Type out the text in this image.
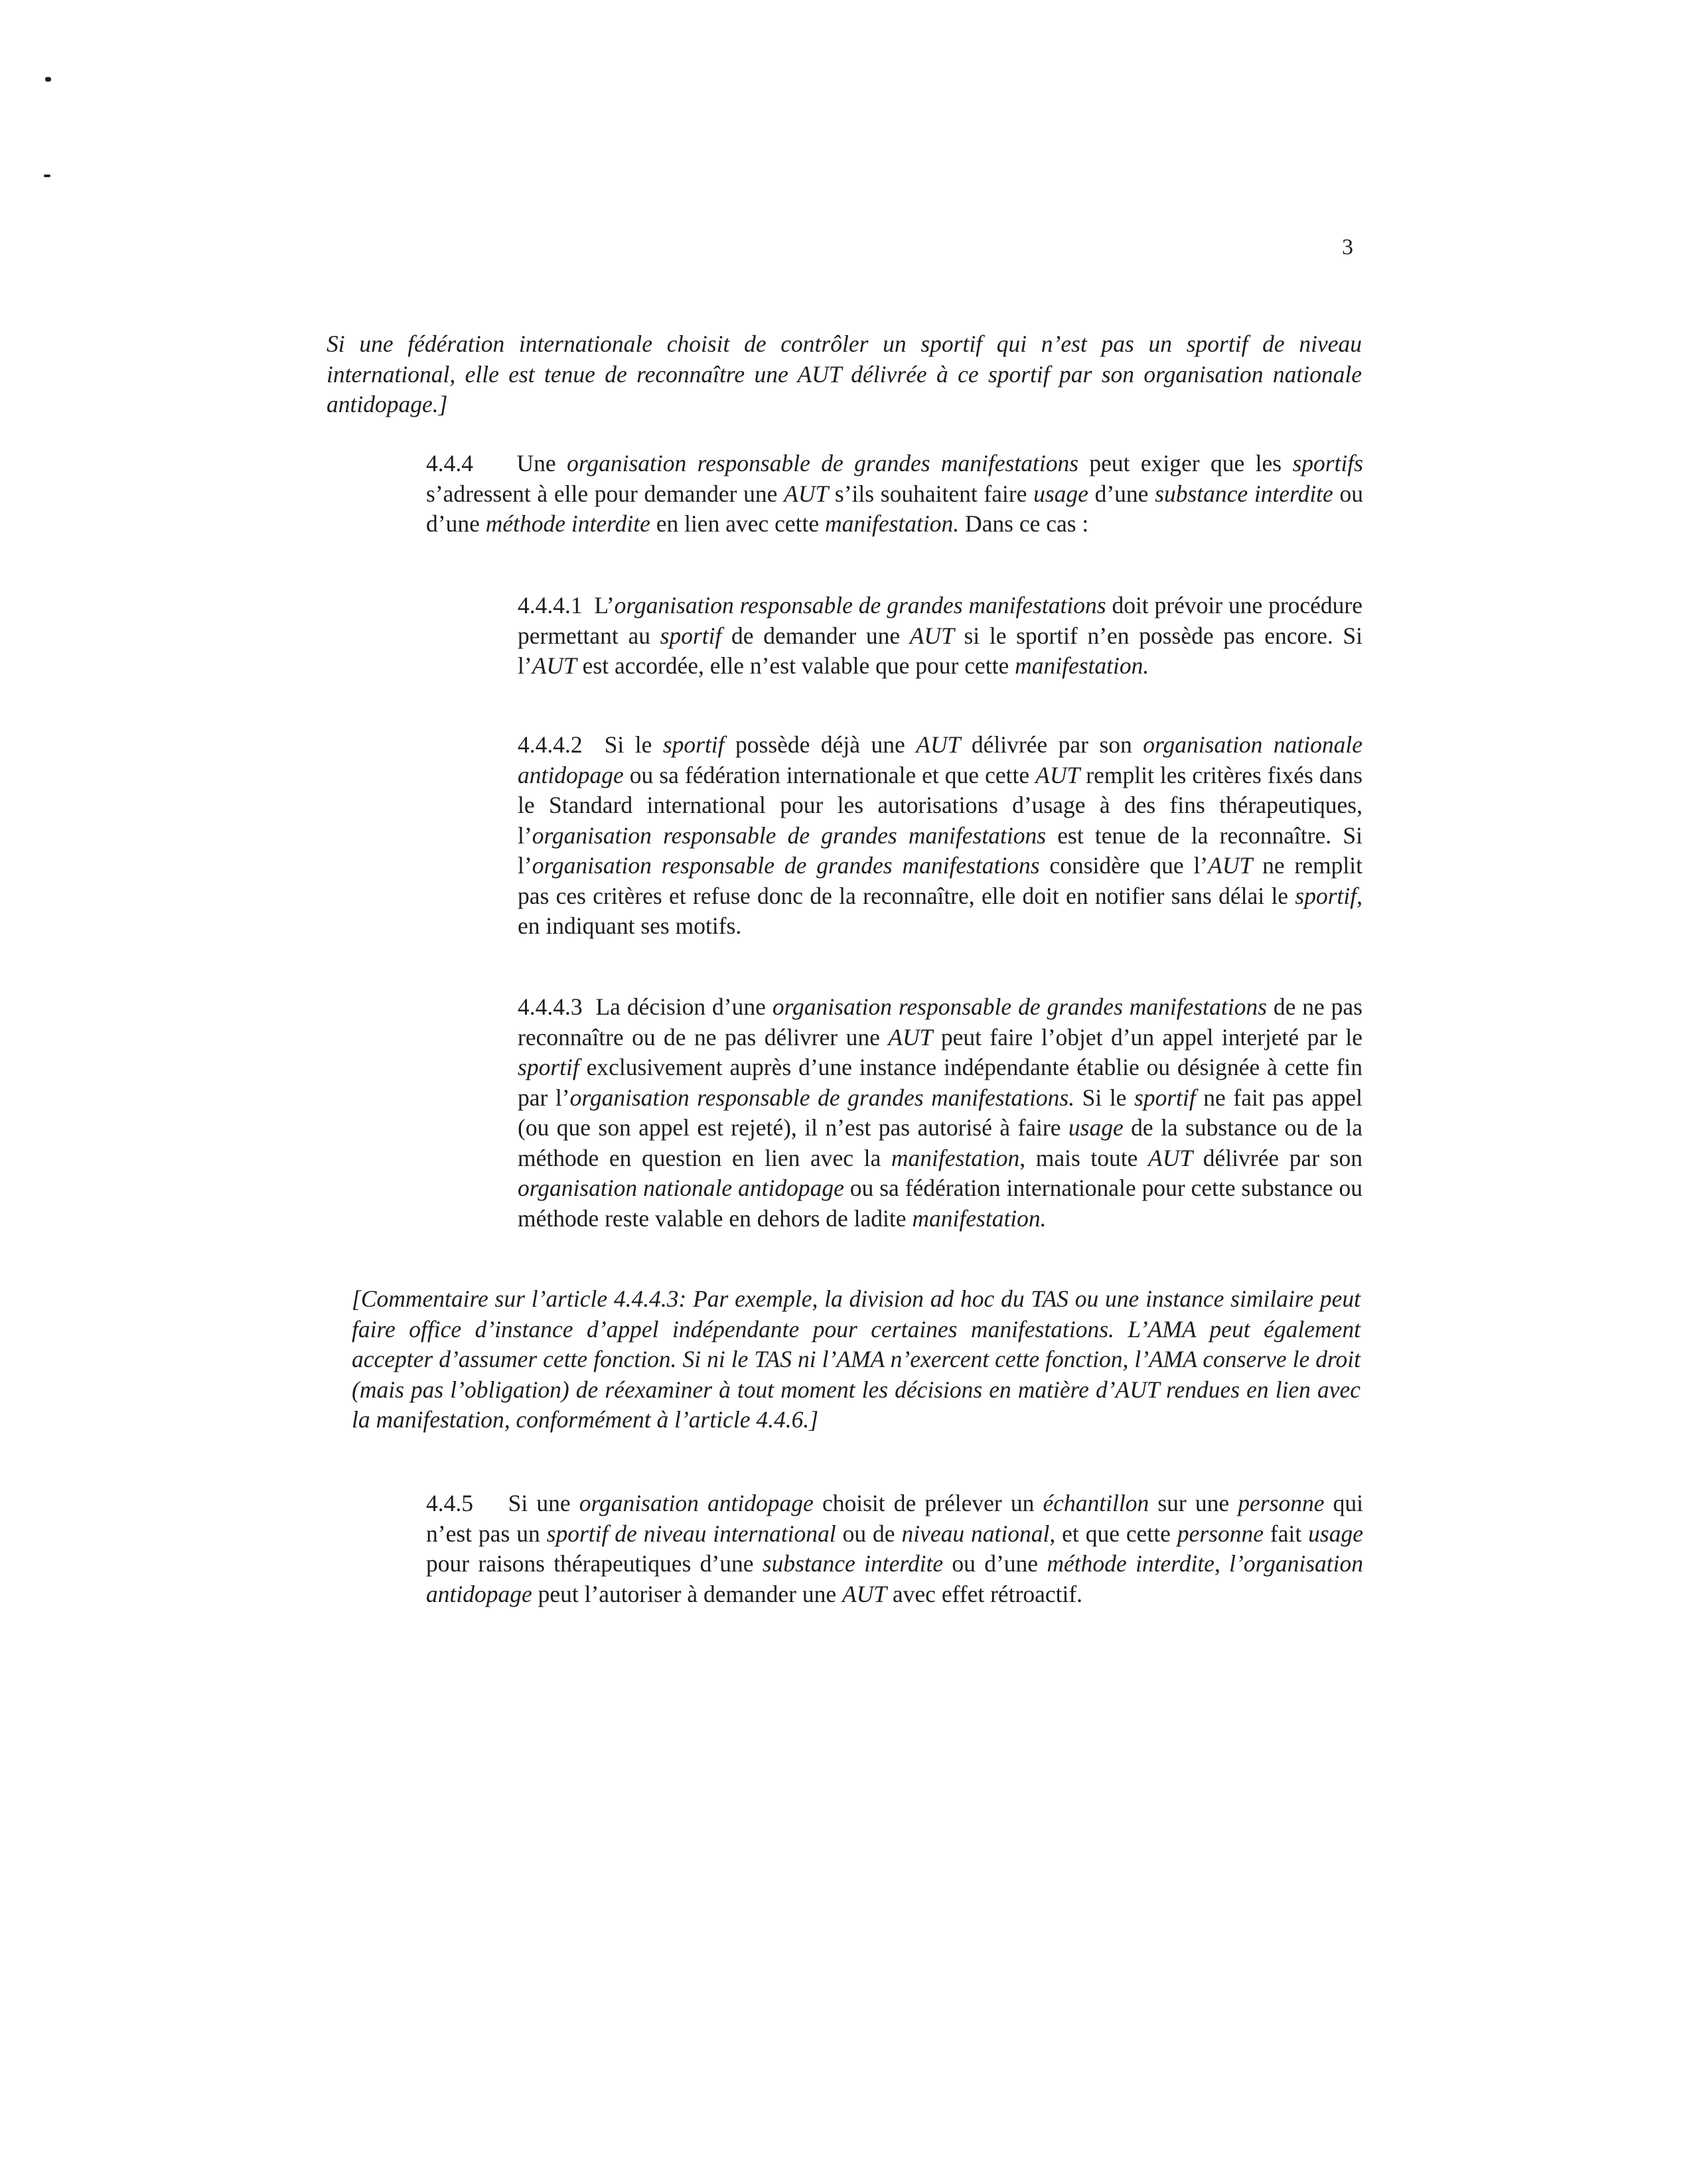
3
Si une fédération internationale choisit de contrôler un sportif qui n’est pas un sportif de niveau international, elle est tenue de reconnaître une AUT délivrée à ce sportif par son organisation nationale antidopage.]
4.4.4 Une organisation responsable de grandes manifestations peut exiger que les sportifs s’adressent à elle pour demander une AUT s’ils souhaitent faire usage d’une substance interdite ou d’une méthode interdite en lien avec cette manifestation. Dans ce cas :
4.4.4.1 L’organisation responsable de grandes manifestations doit prévoir une procédure permettant au sportif de demander une AUT si le sportif n’en possède pas encore. Si l’AUT est accordée, elle n’est valable que pour cette manifestation.
4.4.4.2 Si le sportif possède déjà une AUT délivrée par son organisation nationale antidopage ou sa fédération internationale et que cette AUT remplit les critères fixés dans le Standard international pour les autorisations d’usage à des fins thérapeutiques, l’organisation responsable de grandes manifestations est tenue de la reconnaître. Si l’organisation responsable de grandes manifestations considère que l’AUT ne remplit pas ces critères et refuse donc de la reconnaître, elle doit en notifier sans délai le sportif, en indiquant ses motifs.
4.4.4.3 La décision d’une organisation responsable de grandes manifestations de ne pas reconnaître ou de ne pas délivrer une AUT peut faire l’objet d’un appel interjeté par le sportif exclusivement auprès d’une instance indépendante établie ou désignée à cette fin par l’organisation responsable de grandes manifestations. Si le sportif ne fait pas appel (ou que son appel est rejeté), il n’est pas autorisé à faire usage de la substance ou de la méthode en question en lien avec la manifestation, mais toute AUT délivrée par son organisation nationale antidopage ou sa fédération internationale pour cette substance ou méthode reste valable en dehors de ladite manifestation.
[Commentaire sur l’article 4.4.4.3: Par exemple, la division ad hoc du TAS ou une instance similaire peut faire office d’instance d’appel indépendante pour certaines manifestations. L’AMA peut également accepter d’assumer cette fonction. Si ni le TAS ni l’AMA n’exercent cette fonction, l’AMA conserve le droit (mais pas l’obligation) de réexaminer à tout moment les décisions en matière d’AUT rendues en lien avec la manifestation, conformément à l’article 4.4.6.]
4.4.5 Si une organisation antidopage choisit de prélever un échantillon sur une personne qui n’est pas un sportif de niveau international ou de niveau national, et que cette personne fait usage pour raisons thérapeutiques d’une substance interdite ou d’une méthode interdite, l’organisation antidopage peut l’autoriser à demander une AUT avec effet rétroactif.
